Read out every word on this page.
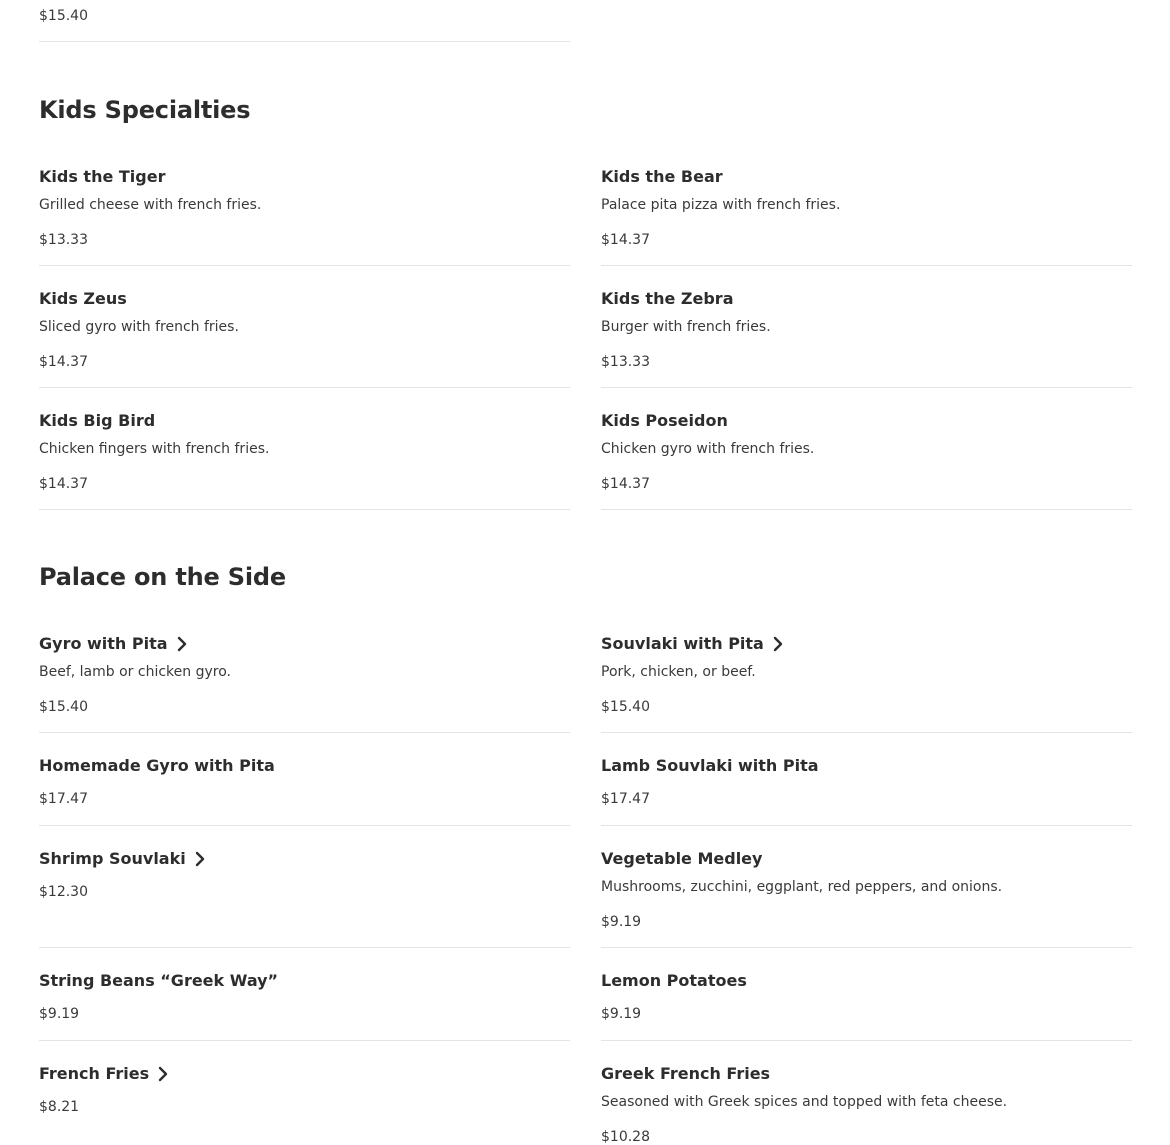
$15.40
Kids Specialties
Kids the Tiger
Grilled cheese with french fries.
$13.33
Kids the Bear
Palace pita pizza with french fries.
$14.37
Kids Zeus
Sliced gyro with french fries.
$14.37
Kids the Zebra
Burger with french fries.
$13.33
Kids Big Bird
Chicken fingers with french fries.
$14.37
Kids Poseidon
Chicken gyro with french fries.
$14.37
Palace on the Side
Gyro with Pita
Beef, lamb or chicken gyro.
$15.40
Souvlaki with Pita
Pork, chicken, or beef.
$15.40
Homemade Gyro with Pita
$17.47
Lamb Souvlaki with Pita
$17.47
Shrimp Souvlaki
$12.30
Vegetable Medley
Mushrooms, zucchini, eggplant, red peppers, and onions.
$9.19
String Beans “Greek Way”
$9.19
Lemon Potatoes
$9.19
French Fries
$8.21
Greek French Fries
Seasoned with Greek spices and topped with feta cheese.
$10.28
